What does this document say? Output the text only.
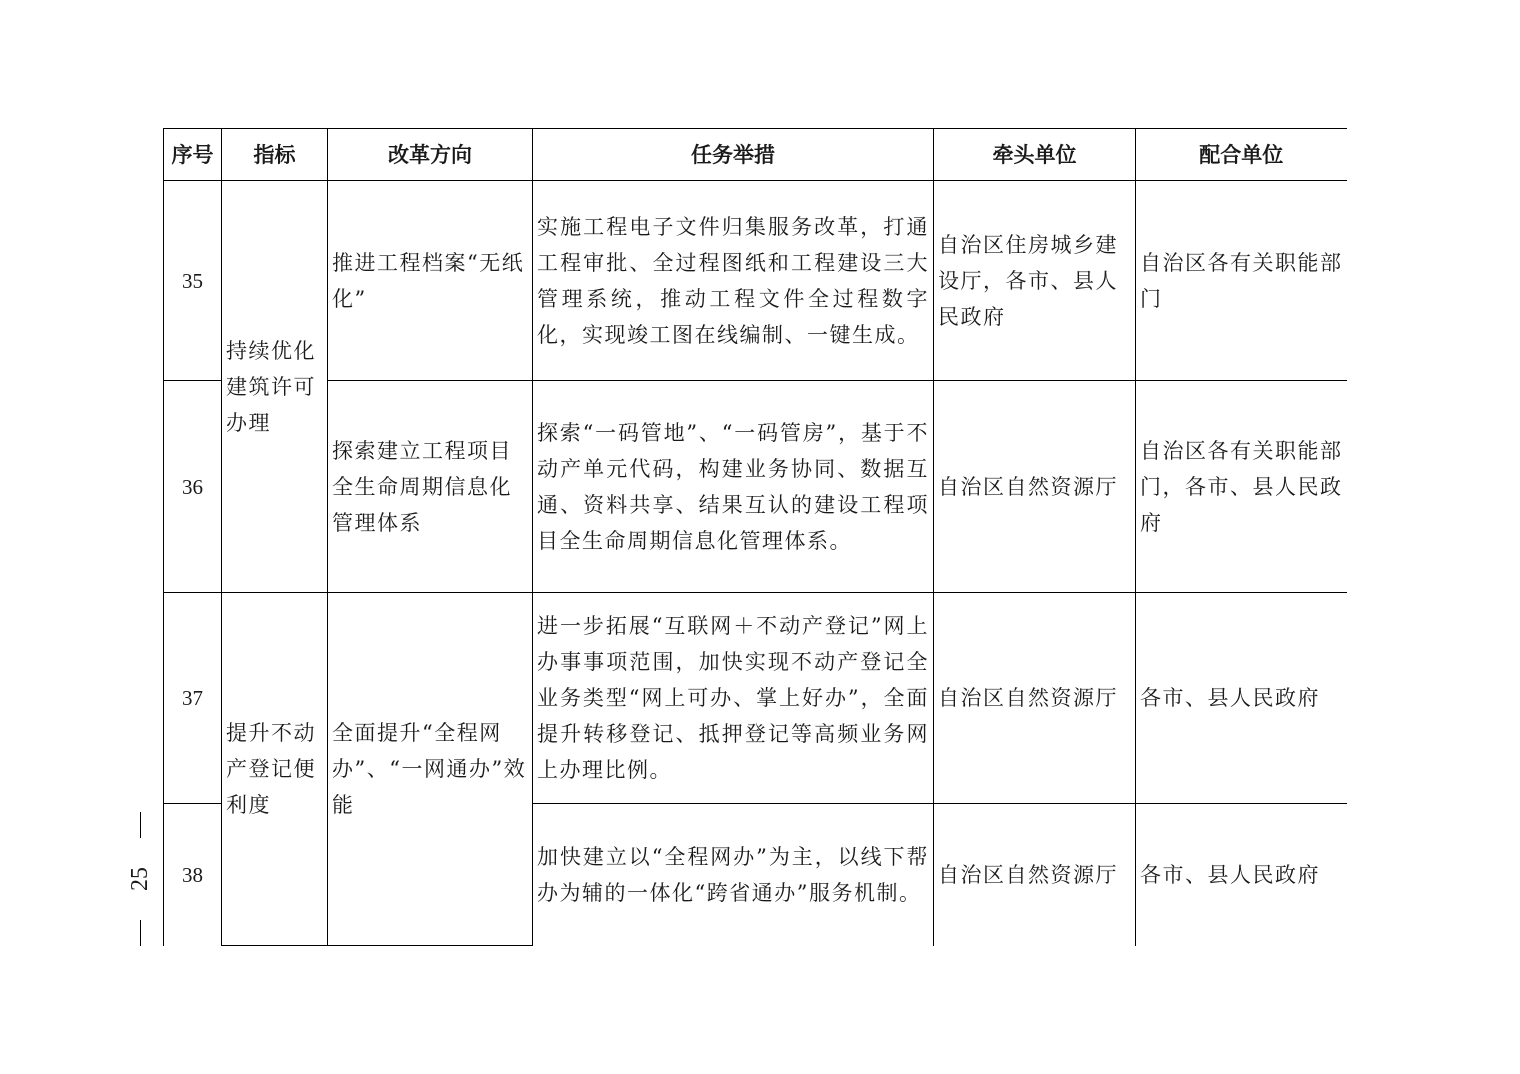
序号	指标	改革方向	任务举措	牵头单位	配合单位
35	持续优化建筑许可办理	推进工程档案“无纸化”	实施工程电子文件归集服务改革，打通工程审批、全过程图纸和工程建设三大管理系统，推动工程文件全过程数字化，实现竣工图在线编制、一键生成。	自治区住房城乡建设厅，各市、县人民政府	自治区各有关职能部门
36		探索建立工程项目全生命周期信息化管理体系	探索“一码管地”、“一码管房”，基于不动产单元代码，构建业务协同、数据互通、资料共享、结果互认的建设工程项目全生命周期信息化管理体系。	自治区自然资源厅	自治区各有关职能部门，各市、县人民政府
37	提升不动产登记便利度	全面提升“全程网办”、“一网通办”效能	进一步拓展“互联网＋不动产登记”网上办事事项范围，加快实现不动产登记全业务类型“网上可办、掌上好办”，全面提升转移登记、抵押登记等高频业务网上办理比例。	自治区自然资源厅	各市、县人民政府
38			加快建立以“全程网办”为主，以线下帮办为辅的一体化“跨省通办”服务机制。	自治区自然资源厅	各市、县人民政府
25
